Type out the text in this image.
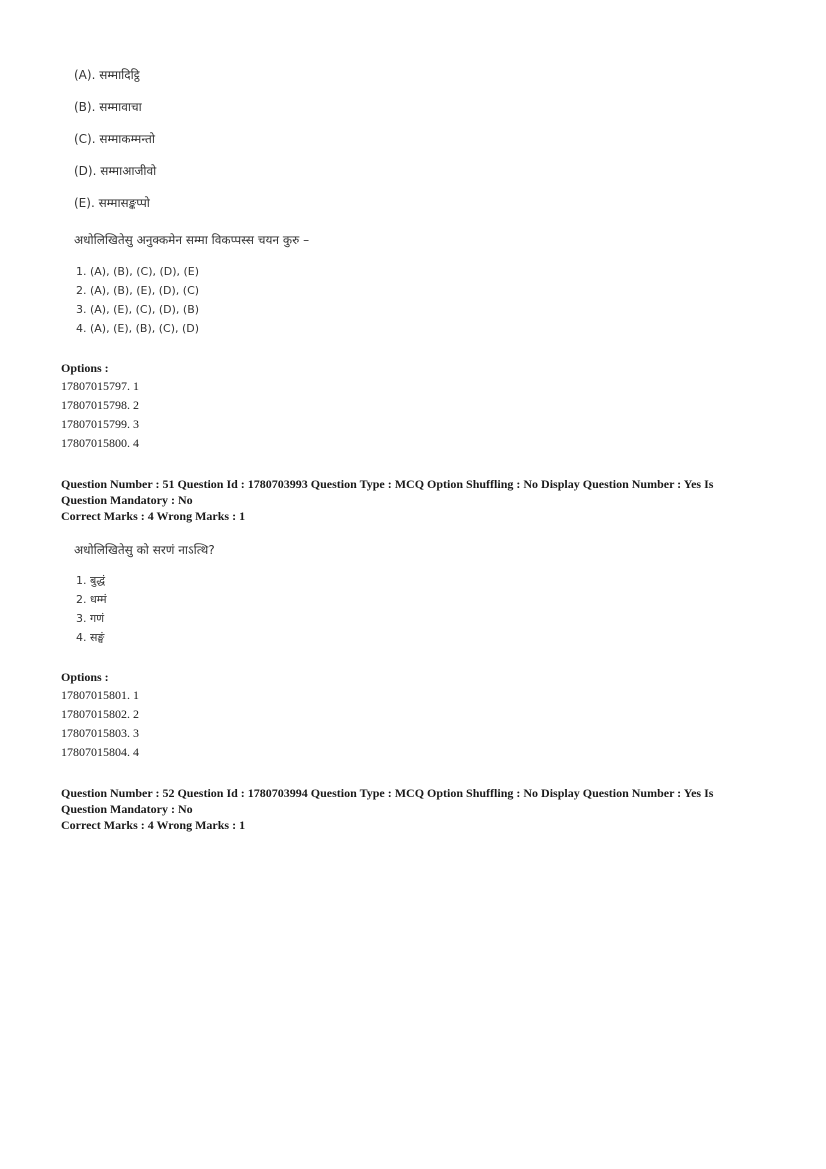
(A). सम्मादिट्ठि
(B). सम्मावाचा
(C). सम्माकम्मन्तो
(D). सम्माआजीवो
(E). सम्मासङ्कप्पो
अधोलिखितेसु अनुक्कमेन सम्मा विकप्पस्स चयन कुरु –
1. (A), (B), (C), (D), (E)
2. (A), (B), (E), (D), (C)
3. (A), (E), (C), (D), (B)
4. (A), (E), (B), (C), (D)
Options :
17807015797. 1
17807015798. 2
17807015799. 3
17807015800. 4
Question Number : 51 Question Id : 1780703993 Question Type : MCQ Option Shuffling : No Display Question Number : Yes Is Question Mandatory : No
Correct Marks : 4 Wrong Marks : 1
अधोलिखितेसु को सरणं नाऽत्थि?
1. बुद्धं
2. धम्मं
3. गणं
4. सङ्घं
Options :
17807015801. 1
17807015802. 2
17807015803. 3
17807015804. 4
Question Number : 52 Question Id : 1780703994 Question Type : MCQ Option Shuffling : No Display Question Number : Yes Is Question Mandatory : No
Correct Marks : 4 Wrong Marks : 1
